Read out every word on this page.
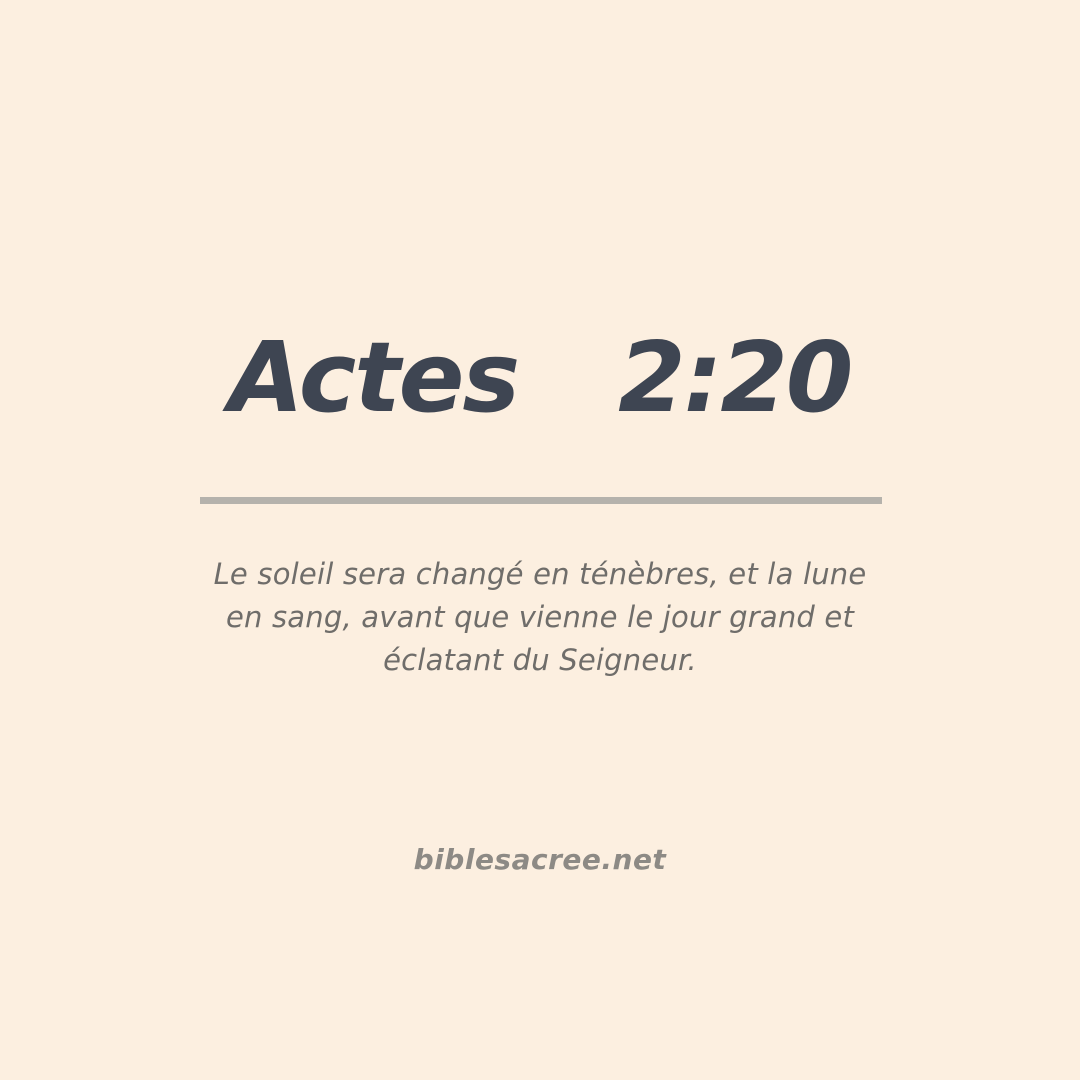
Actes 2:20
Le soleil sera changé en ténèbres, et la lune
en sang, avant que vienne le jour grand et
éclatant du Seigneur.
biblesacree.net
